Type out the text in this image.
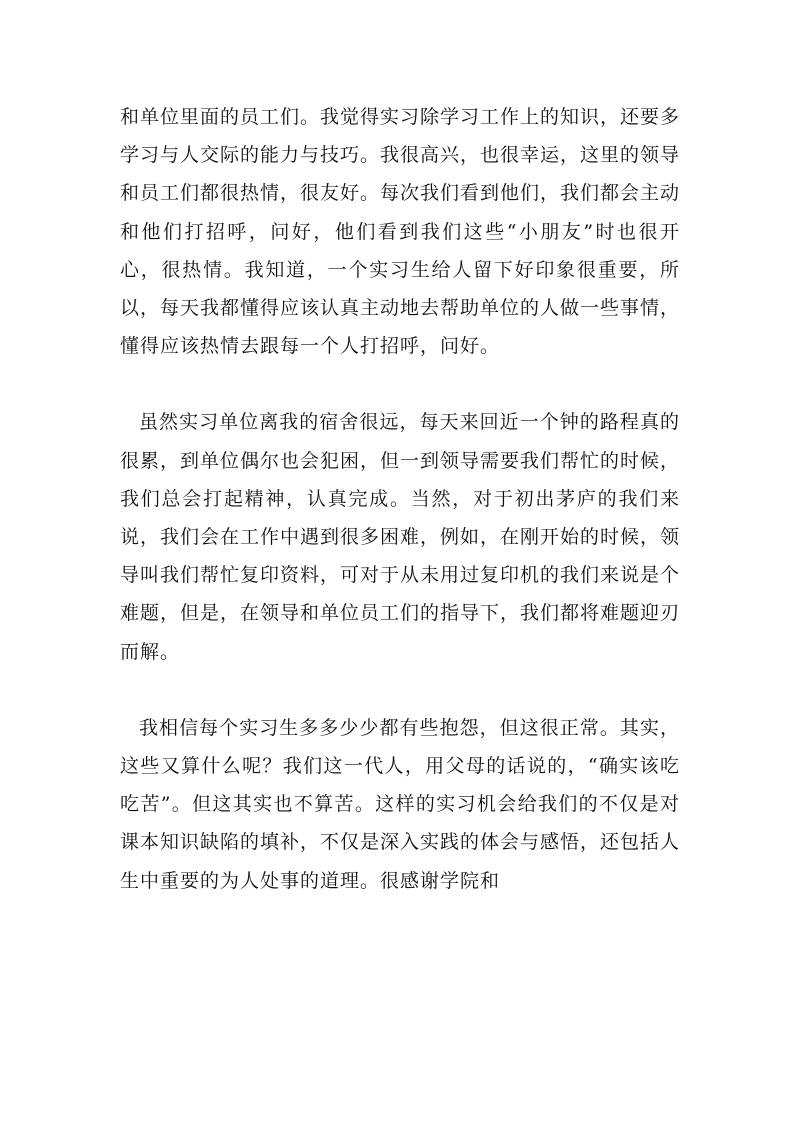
和单位里面的员工们。我觉得实习除学习工作上的知识，还要多学习与人交际的能力与技巧。我很高兴，也很幸运，这里的领导和员工们都很热情，很友好。每次我们看到他们，我们都会主动和他们打招呼，问好，他们看到我们这些“小朋友”时也很开心，很热情。我知道，一个实习生给人留下好印象很重要，所以，每天我都懂得应该认真主动地去帮助单位的人做一些事情，懂得应该热情去跟每一个人打招呼，问好。

虽然实习单位离我的宿舍很远，每天来回近一个钟的路程真的很累，到单位偶尔也会犯困，但一到领导需要我们帮忙的时候，我们总会打起精神，认真完成。当然，对于初出茅庐的我们来说，我们会在工作中遇到很多困难，例如，在刚开始的时候，领导叫我们帮忙复印资料，可对于从未用过复印机的我们来说是个难题，但是，在领导和单位员工们的指导下，我们都将难题迎刃而解。

我相信每个实习生多多少少都有些抱怨，但这很正常。其实，这些又算什么呢？我们这一代人，用父母的话说的，“确实该吃吃苦”。但这其实也不算苦。这样的实习机会给我们的不仅是对课本知识缺陷的填补，不仅是深入实践的体会与感悟，还包括人生中重要的为人处事的道理。很感谢学院和
